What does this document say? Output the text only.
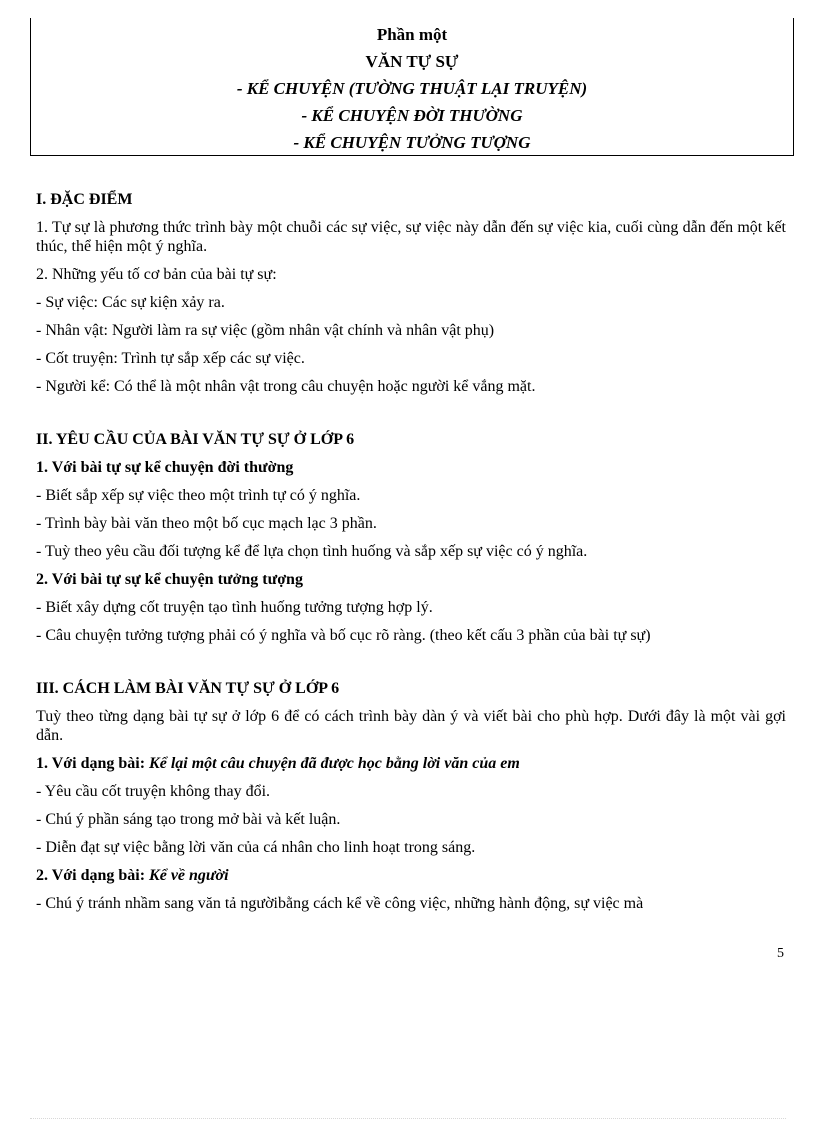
Phần một
VĂN TỰ SỰ
- KỂ CHUYỆN (TƯỜNG THUẬT LẠI TRUYỆN)
- KỂ CHUYỆN ĐỜI THƯỜNG
- KỂ CHUYỆN TƯỞNG TƯỢNG
I. ĐẶC ĐIỂM
1. Tự sự là phương thức trình bày một chuỗi các sự việc, sự việc này dẫn đến sự việc kia, cuối cùng dẫn đến một kết thúc, thể hiện một ý nghĩa.
2. Những yếu tố cơ bản của bài tự sự:
- Sự việc: Các sự kiện xảy ra.
- Nhân vật: Người làm ra sự việc (gồm nhân vật chính và nhân vật phụ)
- Cốt truyện: Trình tự sắp xếp các sự việc.
- Người kể: Có thể là một nhân vật trong câu chuyện hoặc người kể vắng mặt.
II. YÊU CẦU CỦA BÀI VĂN TỰ SỰ Ở LỚP 6
1. Với bài tự sự kể chuyện đời thường
- Biết sắp xếp sự việc theo một trình tự có ý nghĩa.
- Trình bày bài văn theo một bố cục mạch lạc 3 phần.
- Tuỳ theo yêu cầu đối tượng kể để lựa chọn tình huống và sắp xếp sự việc có ý nghĩa.
2. Với bài tự sự kể chuyện tưởng tượng
- Biết xây dựng cốt truyện tạo tình huống tưởng tượng hợp lý.
- Câu chuyện tưởng tượng phải có ý nghĩa và bố cục rõ ràng. (theo kết cấu 3 phần của bài tự sự)
III. CÁCH LÀM BÀI VĂN TỰ SỰ Ở LỚP 6
Tuỳ theo từng dạng bài tự sự ở lớp 6 để có cách trình bày dàn ý và viết bài cho phù hợp. Dưới đây là một vài gợi dẫn.
1. Với dạng bài: Kể lại một câu chuyện đã được học bằng lời văn của em
- Yêu cầu cốt truyện không thay đổi.
- Chú ý phần sáng tạo trong mở bài và kết luận.
- Diễn đạt sự việc bằng lời văn của cá nhân cho linh hoạt trong sáng.
2. Với dạng bài: Kể về người
- Chú ý tránh nhầm sang văn tả ngườibằng cách kể về công việc, những hành động, sự việc mà
5
